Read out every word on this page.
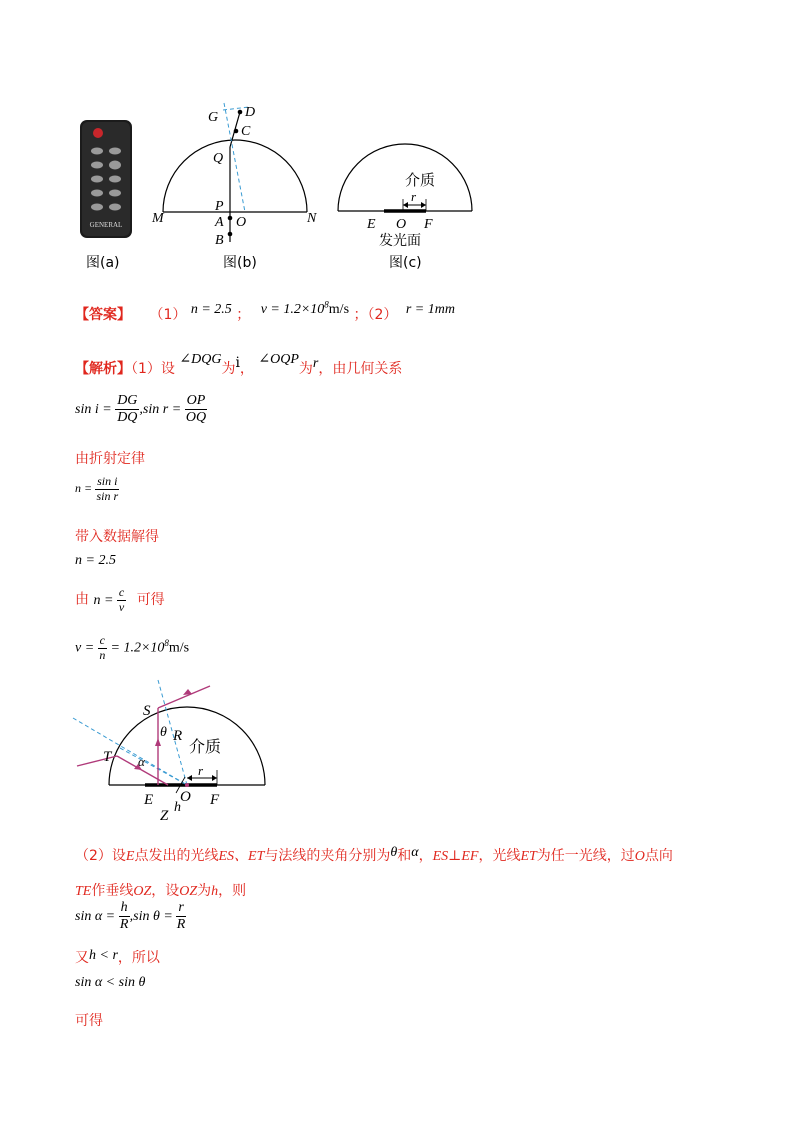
GENERAL
图(a)
G D
C
Q
P
A O
B
M	N
图(b)
r
介质
E O F
发光面
图(c)
【答案】 （1） n = 2.5 ； $v = 1.2\times 10^8m/s$ ；（2） r = 1mm
【解析】（1）设 ∠DQG为i， ∠OQP为r，由几何关系
$\sin i = \frac{DG}{DQ} ,\sin$ $r = \frac{OP}{OQ}$
由折射定律
$n = \frac{\text{sin i}}{\text{sin r}}$
带入数据解得
n = 2.5
由 $n = \frac{c}{v}$ 可得
$v = \frac{c}{n} = 1.2\times 10^8m/s$
S
T
θ R
α
介质
r
E O F
Z
h
（2）设E点发出的光线ES、ET与法线的夹角分别为θ和α，ES⊥EF，光线ET为任一光线，过O点向
TE作垂线OZ，设OZ为h，则
$\sin \alpha = \frac{h}{R} ,\sin$ $\theta = \frac{r}{R}$
又h < r，所以
sin α < sin θ
可得
